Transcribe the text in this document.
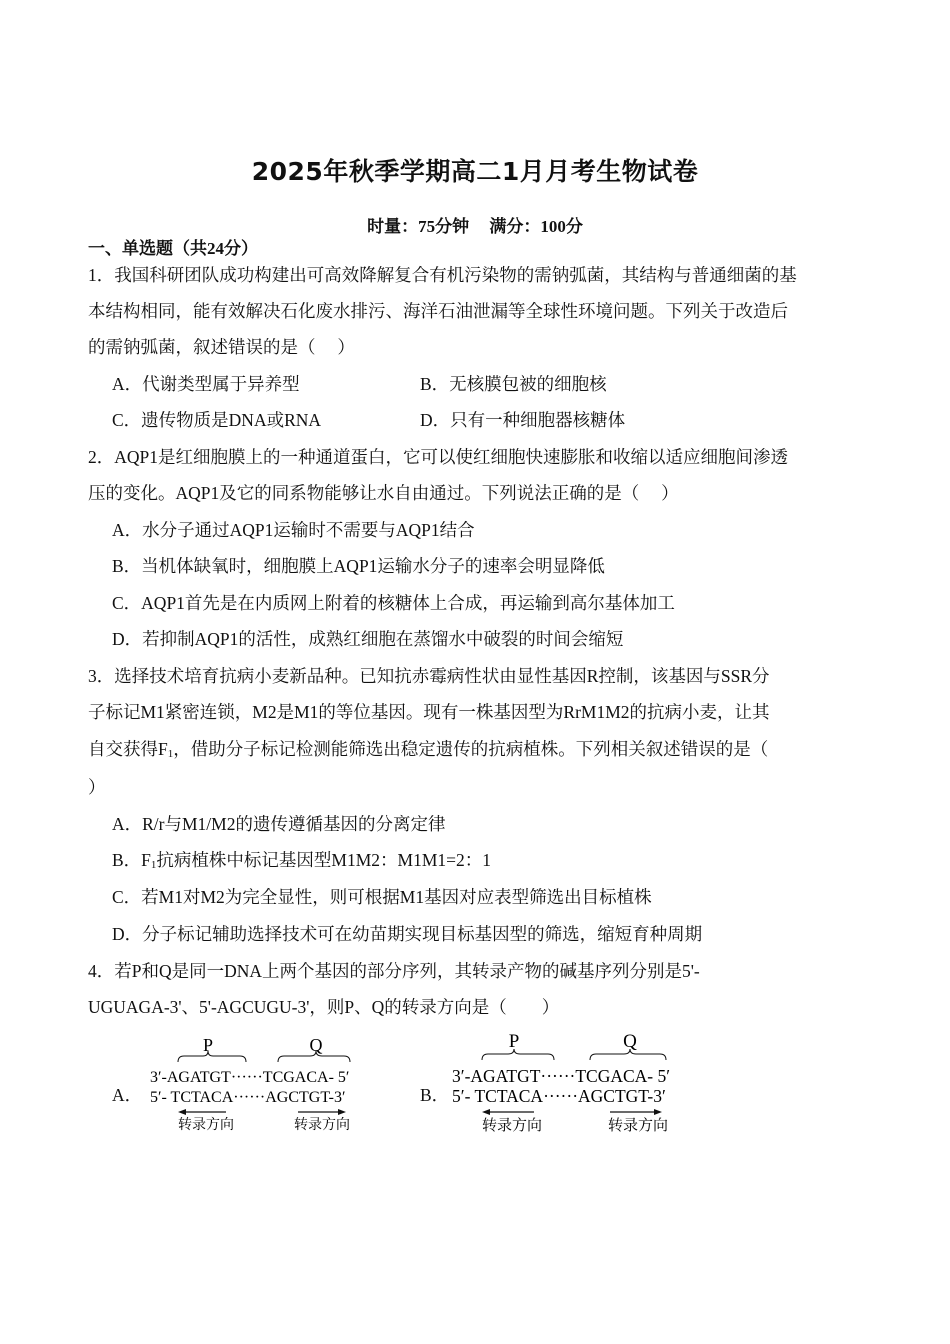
2025年秋季学期高二1月月考生物试卷
时量：75分钟 满分：100分
一、单选题（共24分）
1．我国科研团队成功构建出可高效降解复合有机污染物的需钠弧菌，其结构与普通细菌的基
本结构相同，能有效解决石化废水排污、海洋石油泄漏等全球性环境问题。下列关于改造后
的需钠弧菌，叙述错误的是（　 ）
A．代谢类型属于异养型	B．无核膜包被的细胞核
C．遗传物质是DNA或RNA	D．只有一种细胞器核糖体
2．AQP1是红细胞膜上的一种通道蛋白，它可以使红细胞快速膨胀和收缩以适应细胞间渗透
压的变化。AQP1及它的同系物能够让水自由通过。下列说法正确的是（　 ）
A．水分子通过AQP1运输时不需要与AQP1结合
B．当机体缺氧时，细胞膜上AQP1运输水分子的速率会明显降低
C．AQP1首先是在内质网上附着的核糖体上合成，再运输到高尔基体加工
D．若抑制AQP1的活性，成熟红细胞在蒸馏水中破裂的时间会缩短
3．选择技术培育抗病小麦新品种。已知抗赤霉病性状由显性基因R控制，该基因与SSR分
子标记M1紧密连锁，M2是M1的等位基因。现有一株基因型为RrM1M2的抗病小麦，让其
自交获得$F_1$，借助分子标记检测能筛选出稳定遗传的抗病植株。下列相关叙述错误的是（
）
A．R/r与M1/M2的遗传遵循基因的分离定律
B．$F_1$抗病植株中标记基因型M1M2：M1M1=2：1
C．若M1对M2为完全显性，则可根据M1基因对应表型筛选出目标植株
D．分子标记辅助选择技术可在幼苗期实现目标基因型的筛选，缩短育种周期
4．若P和Q是同一DNA上两个基因的部分序列，其转录产物的碱基序列分别是5'-
UGUAGA-3'、5'-AGCUGU-3'，则P、Q的转录方向是（　　）
A．
P	Q
3′-AGATGT······TCGACA- 5′
5′- TCTACA······AGCTGT-3′
转录方向	转录方向
B．
P	Q
3′-AGATGT······TCGACA- 5′
5′- TCTACA······AGCTGT-3′
转录方向	转录方向
